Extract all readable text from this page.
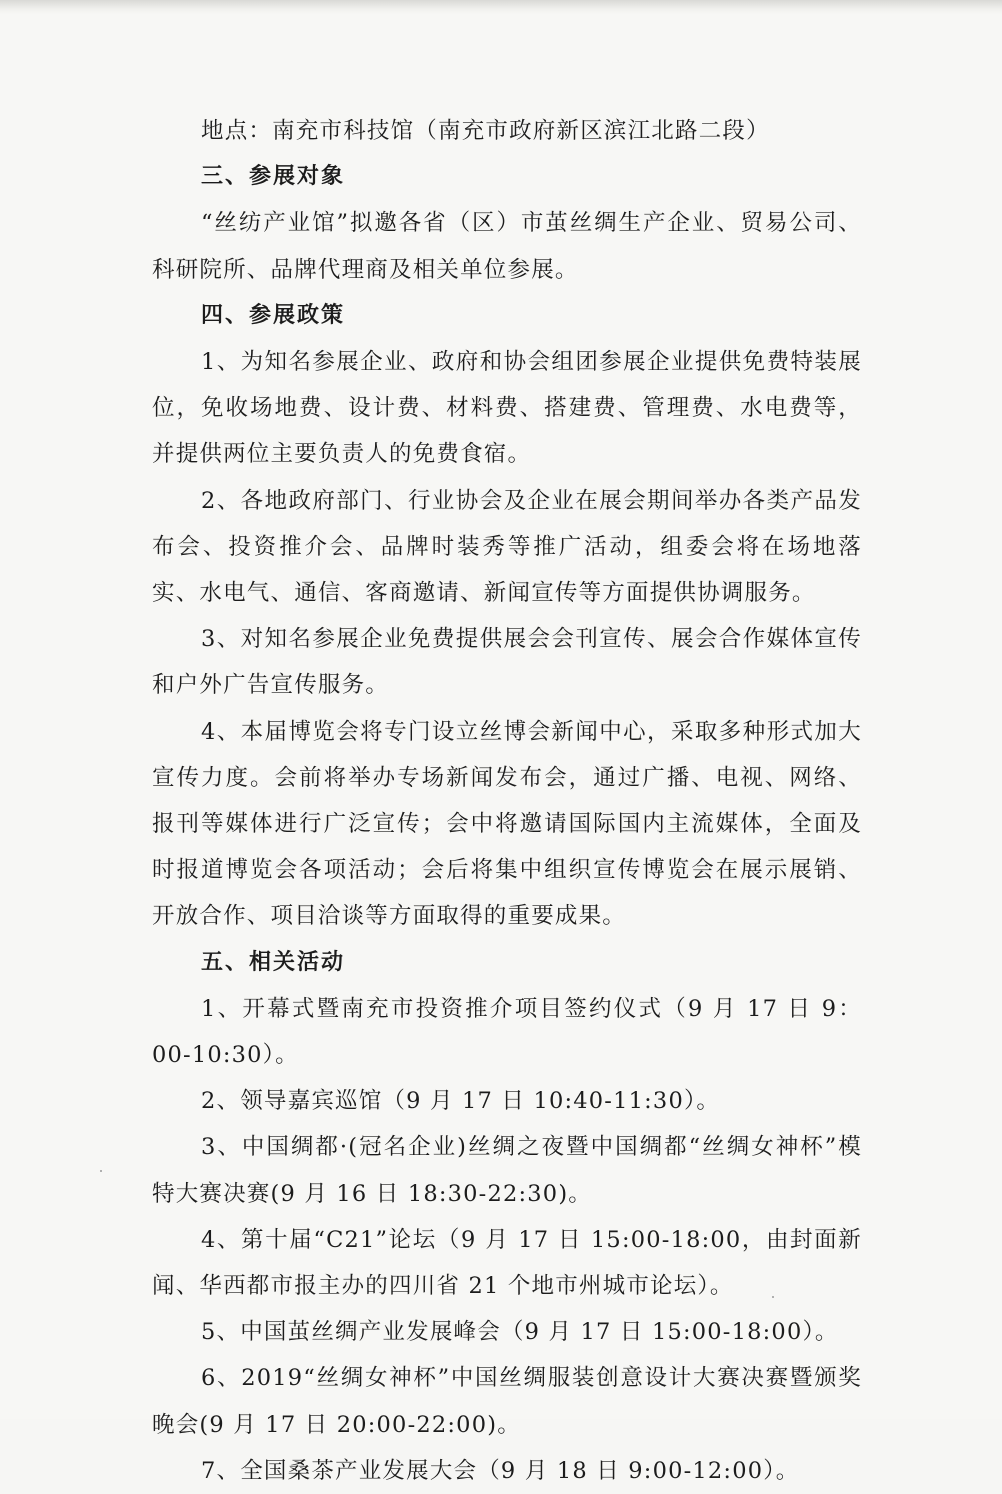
地点：南充市科技馆（南充市政府新区滨江北路二段）

三、参展对象

“丝纺产业馆”拟邀各省（区）市茧丝绸生产企业、贸易公司、科研院所、品牌代理商及相关单位参展。

四、参展政策

1、为知名参展企业、政府和协会组团参展企业提供免费特装展位，免收场地费、设计费、材料费、搭建费、管理费、水电费等，并提供两位主要负责人的免费食宿。

2、各地政府部门、行业协会及企业在展会期间举办各类产品发布会、投资推介会、品牌时装秀等推广活动，组委会将在场地落实、水电气、通信、客商邀请、新闻宣传等方面提供协调服务。

3、对知名参展企业免费提供展会会刊宣传、展会合作媒体宣传和户外广告宣传服务。

4、本届博览会将专门设立丝博会新闻中心，采取多种形式加大宣传力度。会前将举办专场新闻发布会，通过广播、电视、网络、报刊等媒体进行广泛宣传；会中将邀请国际国内主流媒体，全面及时报道博览会各项活动；会后将集中组织宣传博览会在展示展销、开放合作、项目洽谈等方面取得的重要成果。

五、相关活动

1、开幕式暨南充市投资推介项目签约仪式（9 月 17 日 9：00-10:30）。

2、领导嘉宾巡馆（9 月 17 日 10:40-11:30）。

3、中国绸都·(冠名企业)丝绸之夜暨中国绸都“丝绸女神杯”模特大赛决赛(9 月 16 日 18:30-22:30)。

4、第十届“C21”论坛（9 月 17 日 15:00-18:00，由封面新闻、华西都市报主办的四川省 21 个地市州城市论坛）。

5、中国茧丝绸产业发展峰会（9 月 17 日 15:00-18:00）。

6、2019“丝绸女神杯”中国丝绸服装创意设计大赛决赛暨颁奖晚会(9 月 17 日 20:00-22:00)。

7、全国桑茶产业发展大会（9 月 18 日 9:00-12:00）。
